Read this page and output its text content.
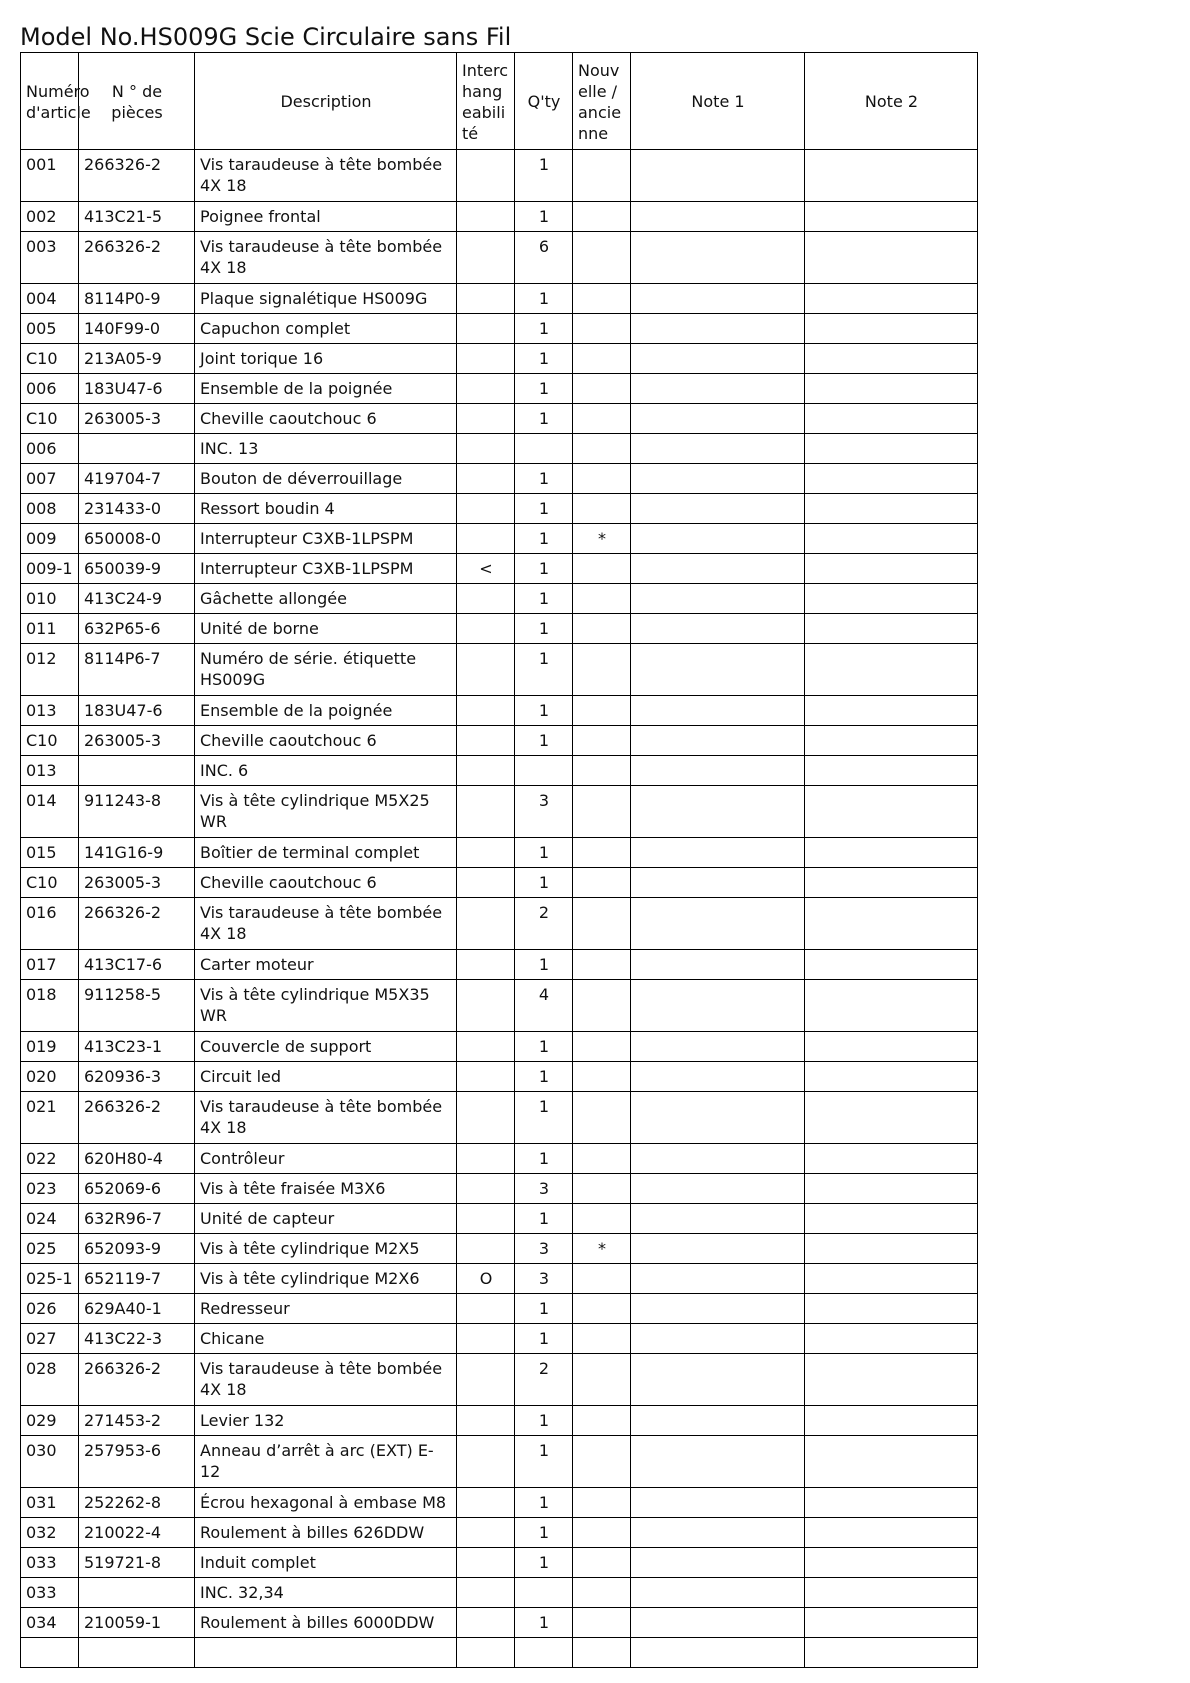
Model No.HS009G Scie Circulaire sans Fil
Numéro d'article	N ° de pièces	Description	Interchangeabilité	Q'ty	Nouvelle / ancienne	Note 1	Note 2
001	266326-2	Vis taraudeuse à tête bombée 4X 18		1			
002	413C21-5	Poignee frontal		1			
003	266326-2	Vis taraudeuse à tête bombée 4X 18		6			
004	8114P0-9	Plaque signalétique HS009G		1			
005	140F99-0	Capuchon complet		1			
C10	213A05-9	Joint torique 16		1			
006	183U47-6	Ensemble de la poignée		1			
C10	263005-3	Cheville caoutchouc 6		1			
006		INC. 13					
007	419704-7	Bouton de déverrouillage		1			
008	231433-0	Ressort boudin 4		1			
009	650008-0	Interrupteur C3XB-1LPSPM		1	*		
009-1	650039-9	Interrupteur C3XB-1LPSPM	<	1			
010	413C24-9	Gâchette allongée		1			
011	632P65-6	Unité de borne		1			
012	8114P6-7	Numéro de série. étiquette HS009G		1			
013	183U47-6	Ensemble de la poignée		1			
C10	263005-3	Cheville caoutchouc 6		1			
013		INC. 6					
014	911243-8	Vis à tête cylindrique M5X25 WR		3			
015	141G16-9	Boîtier de terminal complet		1			
C10	263005-3	Cheville caoutchouc 6		1			
016	266326-2	Vis taraudeuse à tête bombée 4X 18		2			
017	413C17-6	Carter moteur		1			
018	911258-5	Vis à tête cylindrique M5X35 WR		4			
019	413C23-1	Couvercle de support		1			
020	620936-3	Circuit led		1			
021	266326-2	Vis taraudeuse à tête bombée 4X 18		1			
022	620H80-4	Contrôleur		1			
023	652069-6	Vis à tête fraisée M3X6		3			
024	632R96-7	Unité de capteur		1			
025	652093-9	Vis à tête cylindrique M2X5		3	*		
025-1	652119-7	Vis à tête cylindrique M2X6	O	3			
026	629A40-1	Redresseur		1			
027	413C22-3	Chicane		1			
028	266326-2	Vis taraudeuse à tête bombée 4X 18		2			
029	271453-2	Levier 132		1			
030	257953-6	Anneau d’arrêt à arc (EXT) E-12		1			
031	252262-8	Écrou hexagonal à embase M8		1			
032	210022-4	Roulement à billes 626DDW		1			
033	519721-8	Induit complet		1			
033		INC. 32,34					
034	210059-1	Roulement à billes 6000DDW		1			
